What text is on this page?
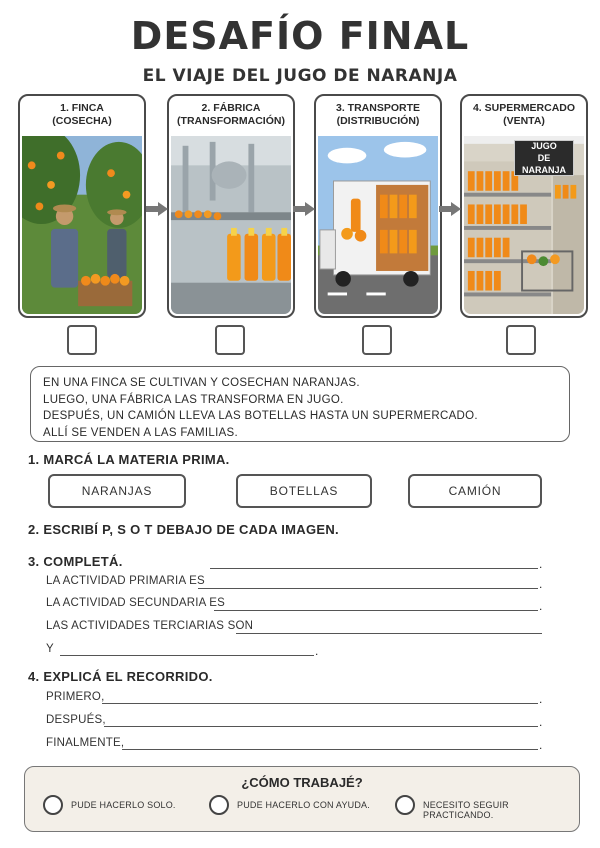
DESAFÍO FINAL
EL VIAJE DEL JUGO DE NARANJA
1. FINCA
(COSECHA)
2. FÁBRICA
(TRANSFORMACIÓN)
3. TRANSPORTE
(DISTRIBUCIÓN)
4. SUPERMERCADO
(VENTA)
JUGO
DE NARANJA
EN UNA FINCA SE CULTIVAN Y COSECHAN NARANJAS.
LUEGO, UNA FÁBRICA LAS TRANSFORMA EN JUGO.
DESPUÉS, UN CAMIÓN LLEVA LAS BOTELLAS HASTA UN SUPERMERCADO.
ALLÍ SE VENDEN A LAS FAMILIAS.
1. MARCÁ LA MATERIA PRIMA.
NARANJAS	BOTELLAS	CAMIÓN
2. ESCRIBÍ P, S O T DEBAJO DE CADA IMAGEN.
3. COMPLETÁ.	.
LA ACTIVIDAD PRIMARIA ES	.
LA ACTIVIDAD SECUNDARIA ES	.
LAS ACTIVIDADES TERCIARIAS SON
Y	.
4. EXPLICÁ EL RECORRIDO.
PRIMERO,	.
DESPUÉS,	.
FINALMENTE,	.
¿CÓMO TRABAJÉ?
PUDE HACERLO SOLO.	PUDE HACERLO CON AYUDA.	NECESITO SEGUIR PRACTICANDO.
